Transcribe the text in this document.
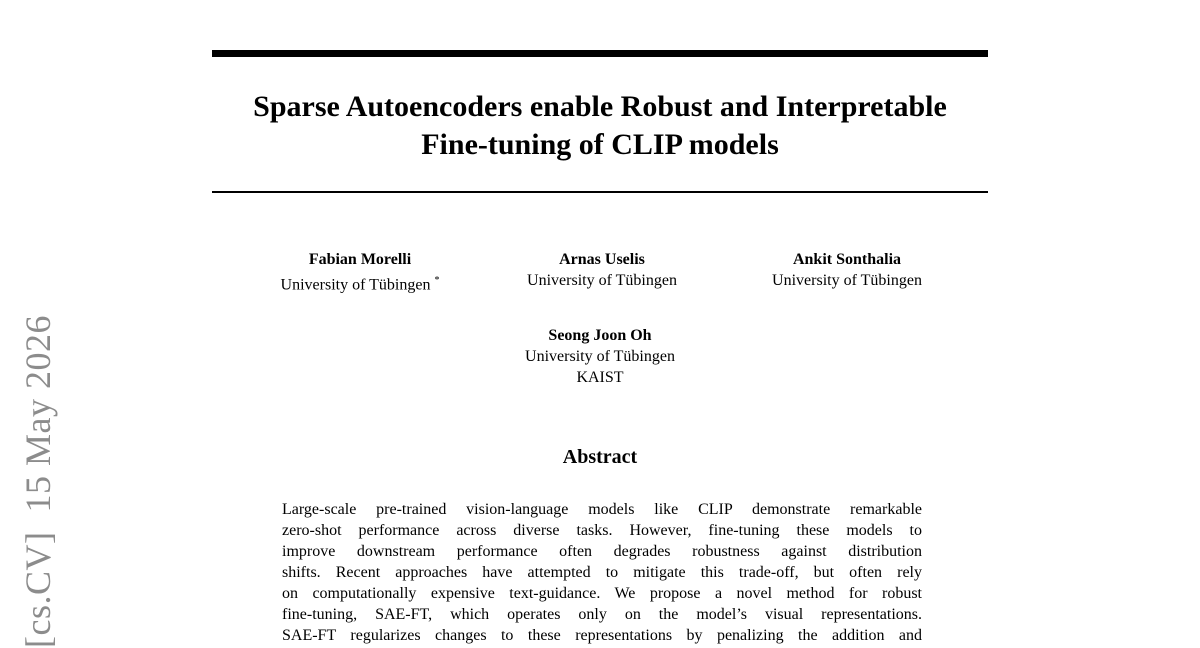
[cs.CV]  15 May 2026
Sparse Autoencoders enable Robust and Interpretable
Fine-tuning of CLIP models
Fabian Morelli
University of Tübingen *
Arnas Uselis
University of Tübingen
Ankit Sonthalia
University of Tübingen
Seong Joon Oh
University of Tübingen
KAIST
Abstract
Large-scale pre-trained vision-language models like CLIP demonstrate remarkable
zero-shot performance across diverse tasks. However, fine-tuning these models to
improve downstream performance often degrades robustness against distribution
shifts. Recent approaches have attempted to mitigate this trade-off, but often rely
on computationally expensive text-guidance. We propose a novel method for robust
fine-tuning, SAE-FT, which operates only on the model’s visual representations.
SAE-FT regularizes changes to these representations by penalizing the addition and
